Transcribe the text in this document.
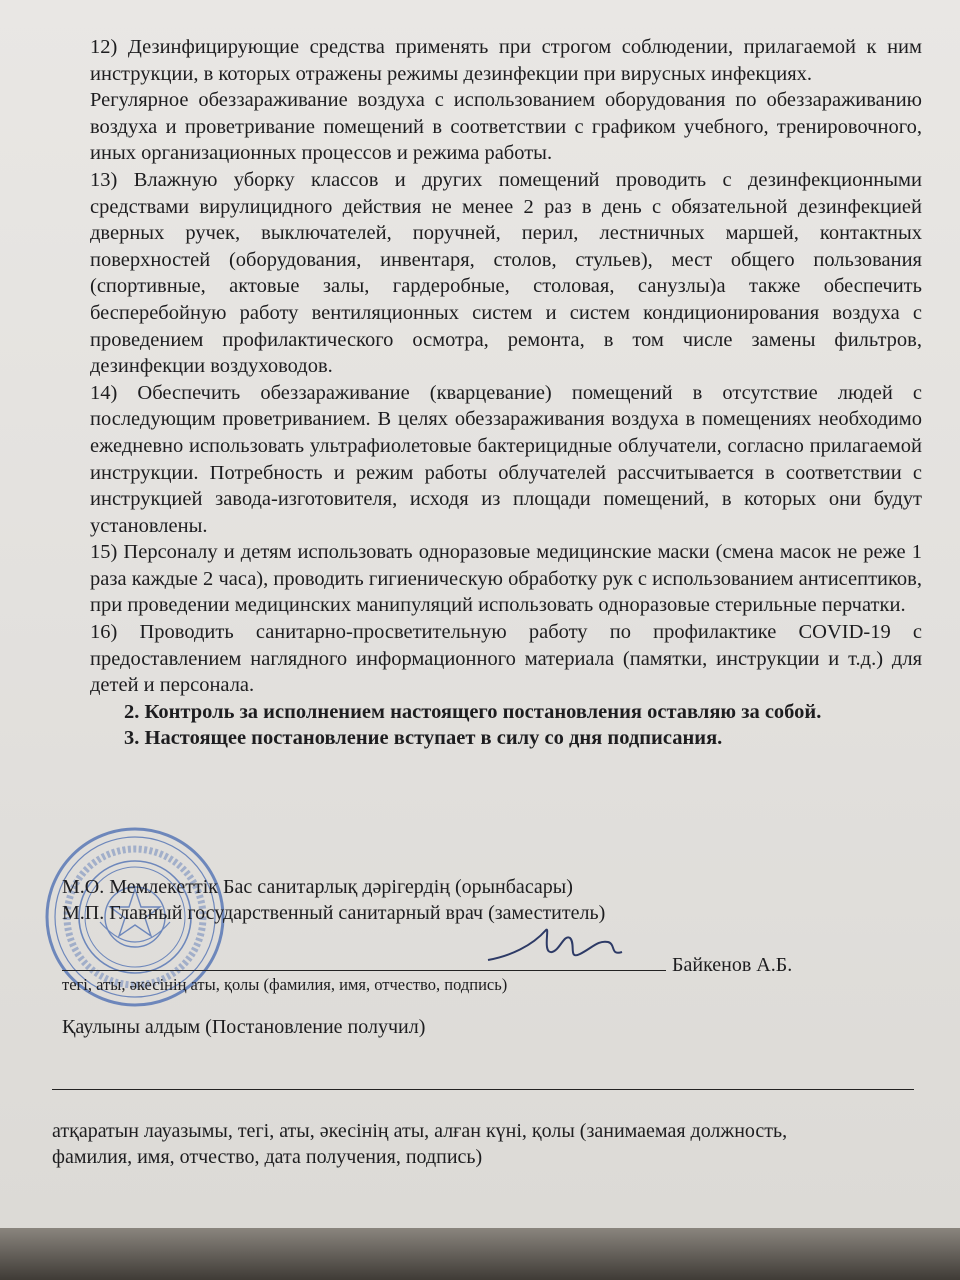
12) Дезинфицирующие средства применять при строгом соблюдении, прилагаемой к ним инструкции, в которых отражены режимы дезинфекции при вирусных инфекциях.

Регулярное обеззараживание воздуха с использованием оборудования по обеззараживанию воздуха и проветривание помещений в соответствии с графиком учебного, тренировочного, иных организационных процессов и режима работы.

13) Влажную уборку классов и других помещений проводить с дезинфекционными средствами вирулицидного действия не менее 2 раз в день с обязательной дезинфекцией дверных ручек, выключателей, поручней, перил, лестничных маршей, контактных поверхностей (оборудования, инвентаря, столов, стульев), мест общего пользования (спортивные, актовые залы, гардеробные, столовая, санузлы)а также обеспечить бесперебойную работу вентиляционных систем и систем кондиционирования воздуха с проведением профилактического осмотра, ремонта, в том числе замены фильтров, дезинфекции воздуховодов.

14) Обеспечить обеззараживание (кварцевание) помещений в отсутствие людей с последующим проветриванием. В целях обеззараживания воздуха в помещениях необходимо ежедневно использовать ультрафиолетовые бактерицидные облучатели, согласно прилагаемой инструкции. Потребность и режим работы облучателей рассчитывается в соответствии с инструкцией завода-изготовителя, исходя из площади помещений, в которых они будут установлены.

15) Персоналу и детям использовать одноразовые медицинские маски (смена масок не реже 1 раза каждые 2 часа), проводить гигиеническую обработку рук с использованием антисептиков, при проведении медицинских манипуляций использовать одноразовые стерильные перчатки.

16) Проводить санитарно-просветительную работу по профилактике COVID-19 с предоставлением наглядного информационного материала (памятки, инструкции и т.д.) для детей и персонала.

2. Контроль за исполнением настоящего постановления оставляю за собой.

3. Настоящее постановление вступает в силу со дня подписания.

М.О. Мемлекеттік Бас санитарлық дәрігердің (орынбасары)
М.П. Главный государственный санитарный врач (заместитель)
Байкенов А.Б.
тегі, аты, әкесінің аты, қолы (фамилия, имя, отчество, подпись)
Қаулыны алдым (Постановление получил)
атқаратын лауазымы, тегі, аты, әкесінің аты, алған күні, қолы (занимаемая должность,
фамилия, имя, отчество, дата получения, подпись)
